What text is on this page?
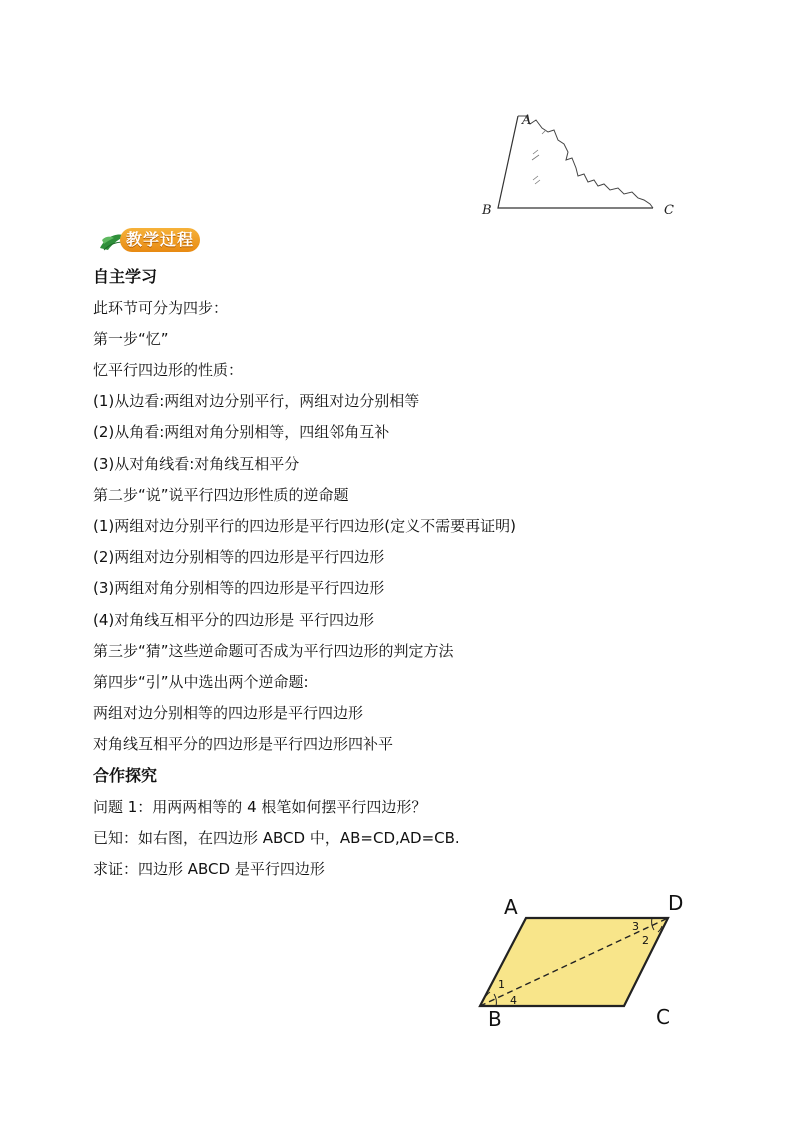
A
B	C
教学过程
自主学习
此环节可分为四步：
第一步“忆”
忆平行四边形的性质：
(1)从边看:两组对边分别平行，两组对边分别相等
(2)从角看:两组对角分别相等，四组邻角互补
(3)从对角线看:对角线互相平分
第二步“说”说平行四边形性质的逆命题
(1)两组对边分别平行的四边形是平行四边形(定义不需要再证明)
(2)两组对边分别相等的四边形是平行四边形
(3)两组对角分别相等的四边形是平行四边形
(4)对角线互相平分的四边形是 平行四边形
第三步“猜”这些逆命题可否成为平行四边形的判定方法
第四步“引”从中选出两个逆命题:
两组对边分别相等的四边形是平行四边形
对角线互相平分的四边形是平行四边形四补平
合作探究
问题 1：用两两相等的 4 根笔如何摆平行四边形？
已知：如右图，在四边形 ABCD 中，AB=CD,AD=CB.
求证：四边形 ABCD 是平行四边形
A	D
B	C
1
4
3
2
